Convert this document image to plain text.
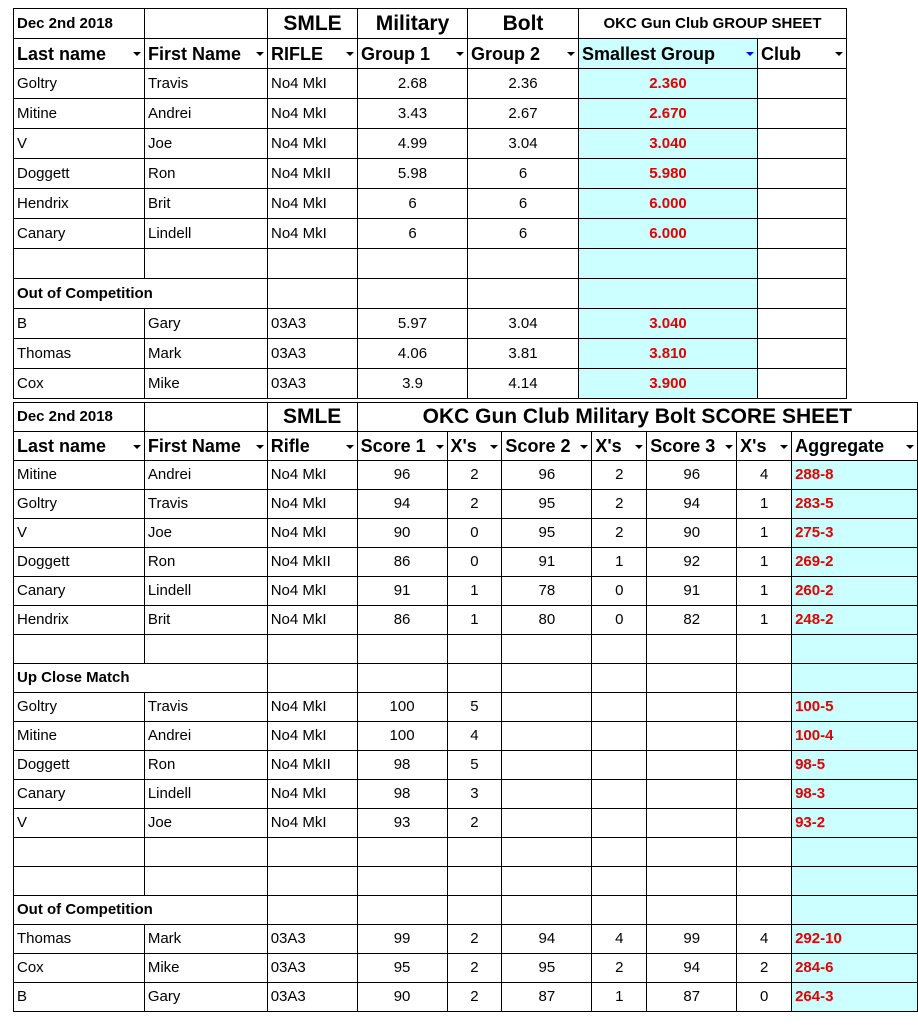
Dec 2nd 2018		SMLE	Military	Bolt	OKC Gun Club GROUP SHEET	
Last name	First Name	RIFLE	Group 1	Group 2	Smallest Group	Club

Goltry	Travis	No4 MkI	2.68	2.36	2.360	
Mitine	Andrei	No4 MkI	3.43	2.67	2.670	
V	Joe	No4 MkI	4.99	3.04	3.040	
Doggett	Ron	No4 MkII	5.98	6	5.980	
Hendrix	Brit	No4 MkI	6	6	6.000	
Canary	Lindell	No4 MkI	6	6	6.000	

Out of Competition						
B	Gary	03A3	5.97	3.04	3.040	
Thomas	Mark	03A3	4.06	3.81	3.810	
Cox	Mike	03A3	3.9	4.14	3.900	
Dec 2nd 2018		SMLE	OKC Gun Club Military Bolt SCORE SHEET						
Last name	First Name	Rifle	Score 1	X's	Score 2	X's	Score 3	X's	Aggregate

Mitine	Andrei	No4 MkI	96	2	96	2	96	4	288-8
Goltry	Travis	No4 MkI	94	2	95	2	94	1	283-5
V	Joe	No4 MkI	90	0	95	2	90	1	275-3
Doggett	Ron	No4 MkII	86	0	91	1	92	1	269-2
Canary	Lindell	No4 MkI	91	1	78	0	91	1	260-2
Hendrix	Brit	No4 MkI	86	1	80	0	82	1	248-2

Up Close Match									
Goltry	Travis	No4 MkI	100	5					100-5
Mitine	Andrei	No4 MkI	100	4					100-4
Doggett	Ron	No4 MkII	98	5					98-5
Canary	Lindell	No4 MkI	98	3					98-3
V	Joe	No4 MkI	93	2					93-2

Out of Competition									
Thomas	Mark	03A3	99	2	94	4	99	4	292-10
Cox	Mike	03A3	95	2	95	2	94	2	284-6
B	Gary	03A3	90	2	87	1	87	0	264-3
